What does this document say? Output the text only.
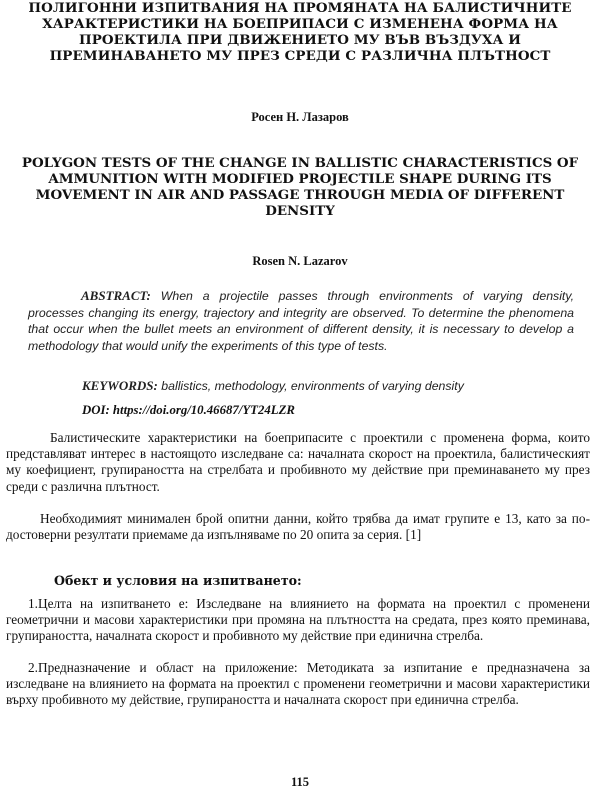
ПОЛИГОННИ ИЗПИТВАНИЯ НА ПРОМЯНАТА НА БАЛИСТИЧНИТЕ ХАРАКТЕРИСТИКИ НА БОЕПРИПАСИ С ИЗМЕНЕНА ФОРМА НА ПРОЕКТИЛА ПРИ ДВИЖЕНИЕТО МУ ВЪВ ВЪЗДУХА И ПРЕМИНАВАНЕТО МУ ПРЕЗ СРЕДИ С РАЗЛИЧНА ПЛЪТНОСТ
Росен Н. Лазаров
POLYGON TESTS OF THE CHANGE IN BALLISTIC CHARACTERISTICS OF AMMUNITION WITH MODIFIED PROJECTILE SHAPE DURING ITS MOVEMENT IN AIR AND PASSAGE THROUGH MEDIA OF DIFFERENT DENSITY
Rosen N. Lazarov
ABSTRACT: When a projectile passes through environments of varying density, processes changing its energy, trajectory and integrity are observed. To determine the phenomena that occur when the bullet meets an environment of different density, it is necessary to develop a methodology that would unify the experiments of this type of tests.
KEYWORDS: ballistics, methodology, environments of varying density
DOI: https://doi.org/10.46687/YT24LZR
Балистическите характеристики на боеприпасите с проектили с променена форма, които представляват интерес в настоящото изследване са: началната скорост на проектила, балистическият му коефициент, групираността на стрелбата и пробивното му действие при преминаването му през среди с различна плътност.
Необходимият минимален брой опитни данни, който трябва да имат групите е 13, като за по-достоверни резултати приемаме да изпълняваме по 20 опита за серия. [1]
Обект и условия на изпитването:
1.Целта на изпитването е: Изследване на влиянието на формата на проектил с променени геометрични и масови характеристики при промяна на плътността на средата, през която преминава, групираността, началната скорост и пробивното му действие при единична стрелба.
2.Предназначение и област на приложение: Методиката за изпитание е предназначена за изследване на влиянието на формата на проектил с променени геометрични и масови характеристики върху пробивното му действие, групираността и началната скорост при единична стрелба.
115
